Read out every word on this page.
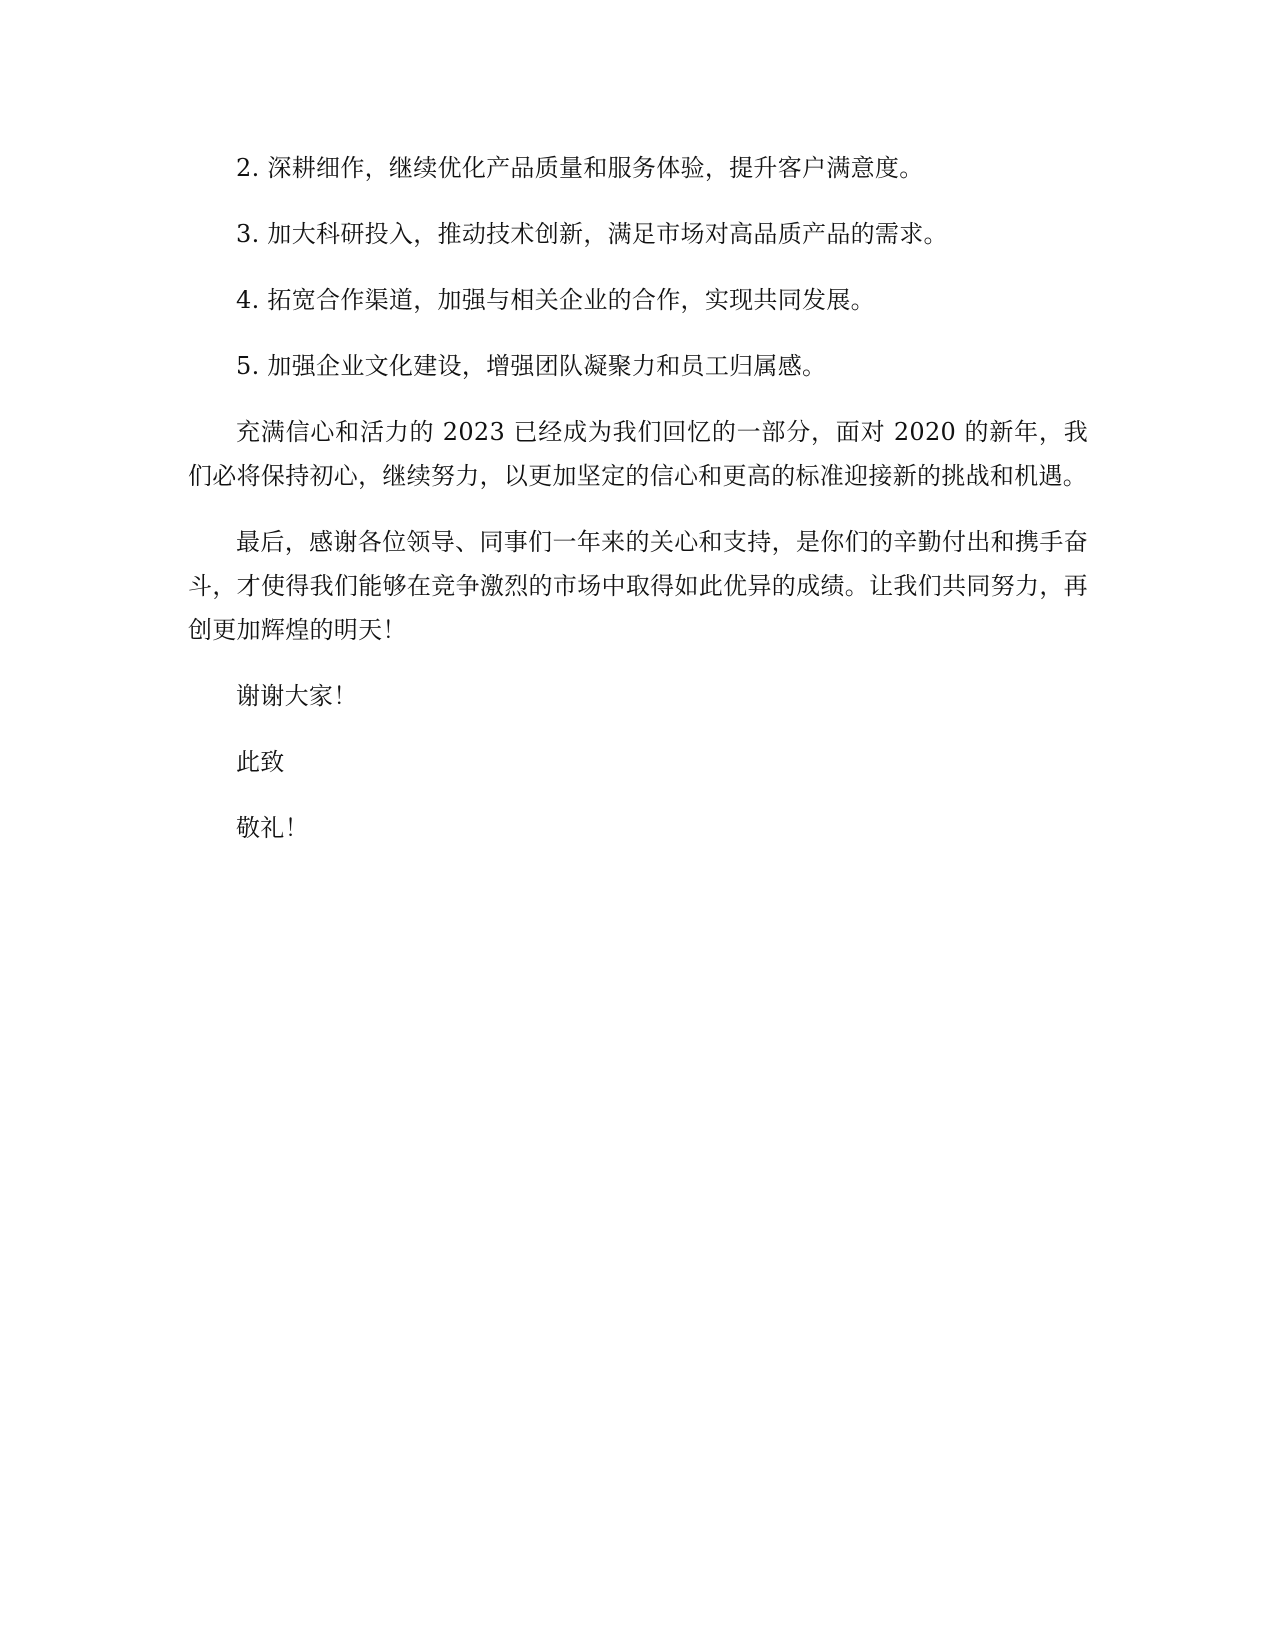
2. 深耕细作，继续优化产品质量和服务体验，提升客户满意度。

3. 加大科研投入，推动技术创新，满足市场对高品质产品的需求。

4. 拓宽合作渠道，加强与相关企业的合作，实现共同发展。

5. 加强企业文化建设，增强团队凝聚力和员工归属感。

充满信心和活力的 2023 已经成为我们回忆的一部分，面对 2020 的新年，我们必将保持初心，继续努力，以更加坚定的信心和更高的标准迎接新的挑战和机遇。

最后，感谢各位领导、同事们一年来的关心和支持，是你们的辛勤付出和携手奋斗，才使得我们能够在竞争激烈的市场中取得如此优异的成绩。让我们共同努力，再创更加辉煌的明天！

谢谢大家！

此致

敬礼！
